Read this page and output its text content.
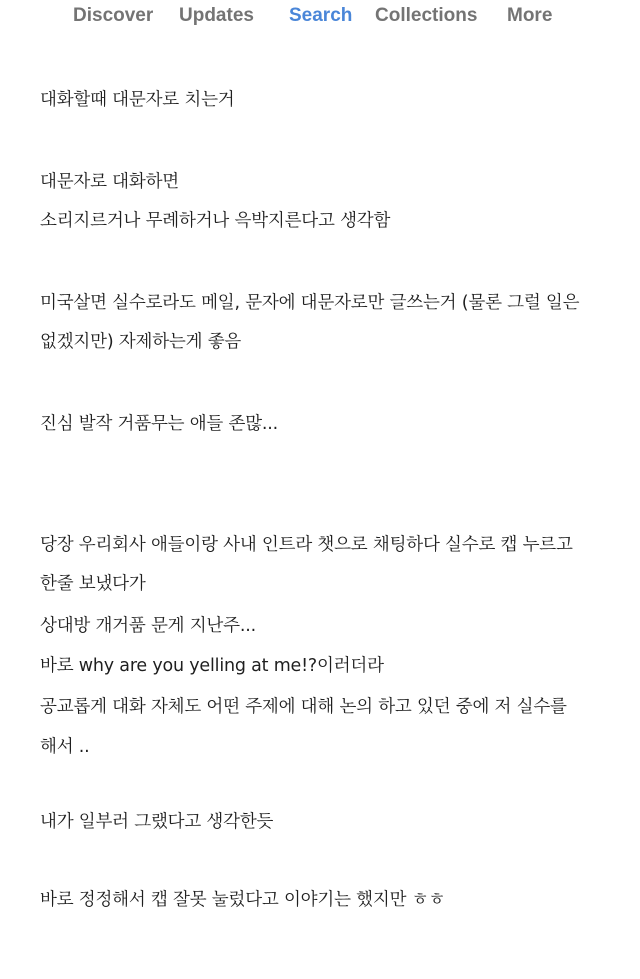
Discover Updates Search Collections More
대화할때 대문자로 치는거
대문자로 대화하면
소리지르거나 무례하거나 윽박지른다고 생각함
미국살면 실수로라도 메일, 문자에 대문자로만 글쓰는거 (물론 그럴 일은
없겠지만) 자제하는게 좋음
진심 발작 거품무는 애들 존많...
당장 우리회사 애들이랑 사내 인트라 챗으로 채팅하다 실수로 캡 누르고
한줄 보냈다가
상대방 개거품 문게 지난주...
바로 why are you yelling at me!?이러더라
공교롭게 대화 자체도 어떤 주제에 대해 논의 하고 있던 중에 저 실수를
해서 ..
내가 일부러 그랬다고 생각한듯
바로 정정해서 캡 잘못 눌렀다고 이야기는 했지만 ㅎㅎ
